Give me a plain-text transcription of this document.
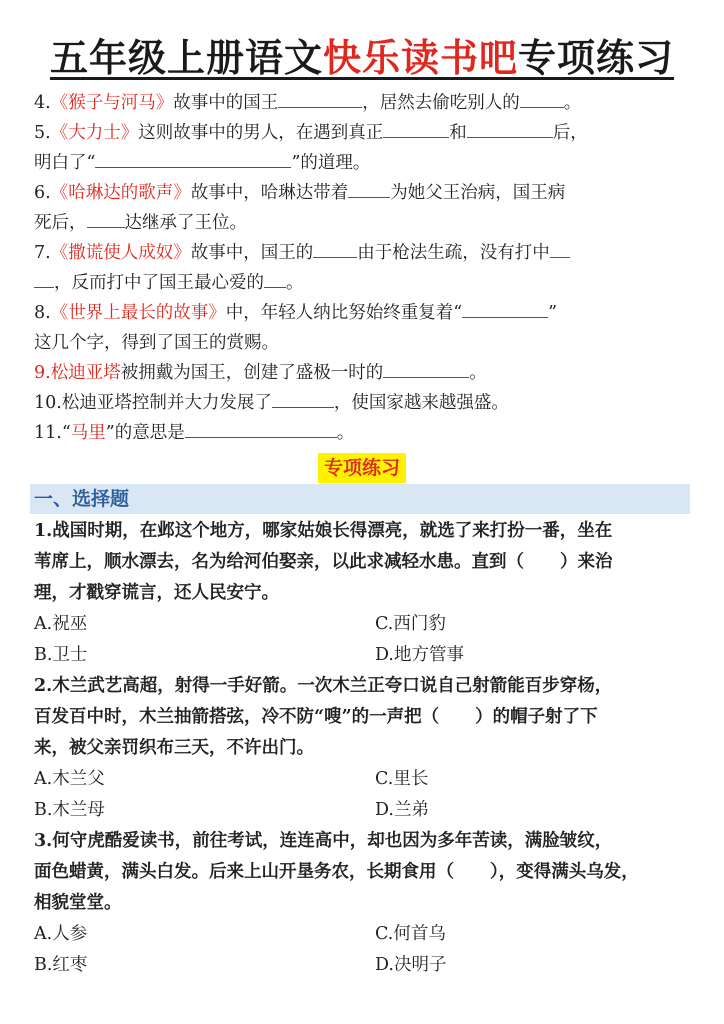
五年级上册语文快乐读书吧专项练习

4.《猴子与河马》故事中的国王	，居然去偷吃别人的	。

5.《大力士》这则故事中的男人，在遇到真正	和	后，
明白了“	”的道理。

6.《哈琳达的歌声》故事中，哈琳达带着 为她父王治病，国王病
死后， 达继承了王位。

7.《撒谎使人成奴》故事中，国王的	由于枪法生疏，没有打中
，反而打中了国王最心爱的 。

8.《世界上最长的故事》中，年轻人纳比努始终重复着“	”
这几个字，得到了国王的赏赐。

9.松迪亚塔被拥戴为国王，创建了盛极一时的	。

10.松迪亚塔控制并大力发展了	，使国家越来越强盛。

11.“马里”的意思是	。

专项练习
一、选择题

1.战国时期，在邺这个地方，哪家姑娘长得漂亮，就选了来打扮一番，坐在
苇席上，顺水漂去，名为给河伯娶亲，以此求减轻水患。直到（ ）来治
理，才戳穿谎言，还人民安宁。

A.祝巫	C.西门豹
B.卫士	D.地方管事

2.木兰武艺高超，射得一手好箭。一次木兰正夸口说自己射箭能百步穿杨，
百发百中时，木兰抽箭搭弦，冷不防“嗖”的一声把（ ）的帽子射了下
来，被父亲罚织布三天，不许出门。

A.木兰父	C.里长
B.木兰母	D.兰弟

3.何守虎酷爱读书，前往考试，连连高中，却也因为多年苦读，满脸皱纹，
面色蜡黄，满头白发。后来上山开垦务农，长期食用（ ），变得满头乌发，
相貌堂堂。

A.人参	C.何首乌
B.红枣	D.决明子
